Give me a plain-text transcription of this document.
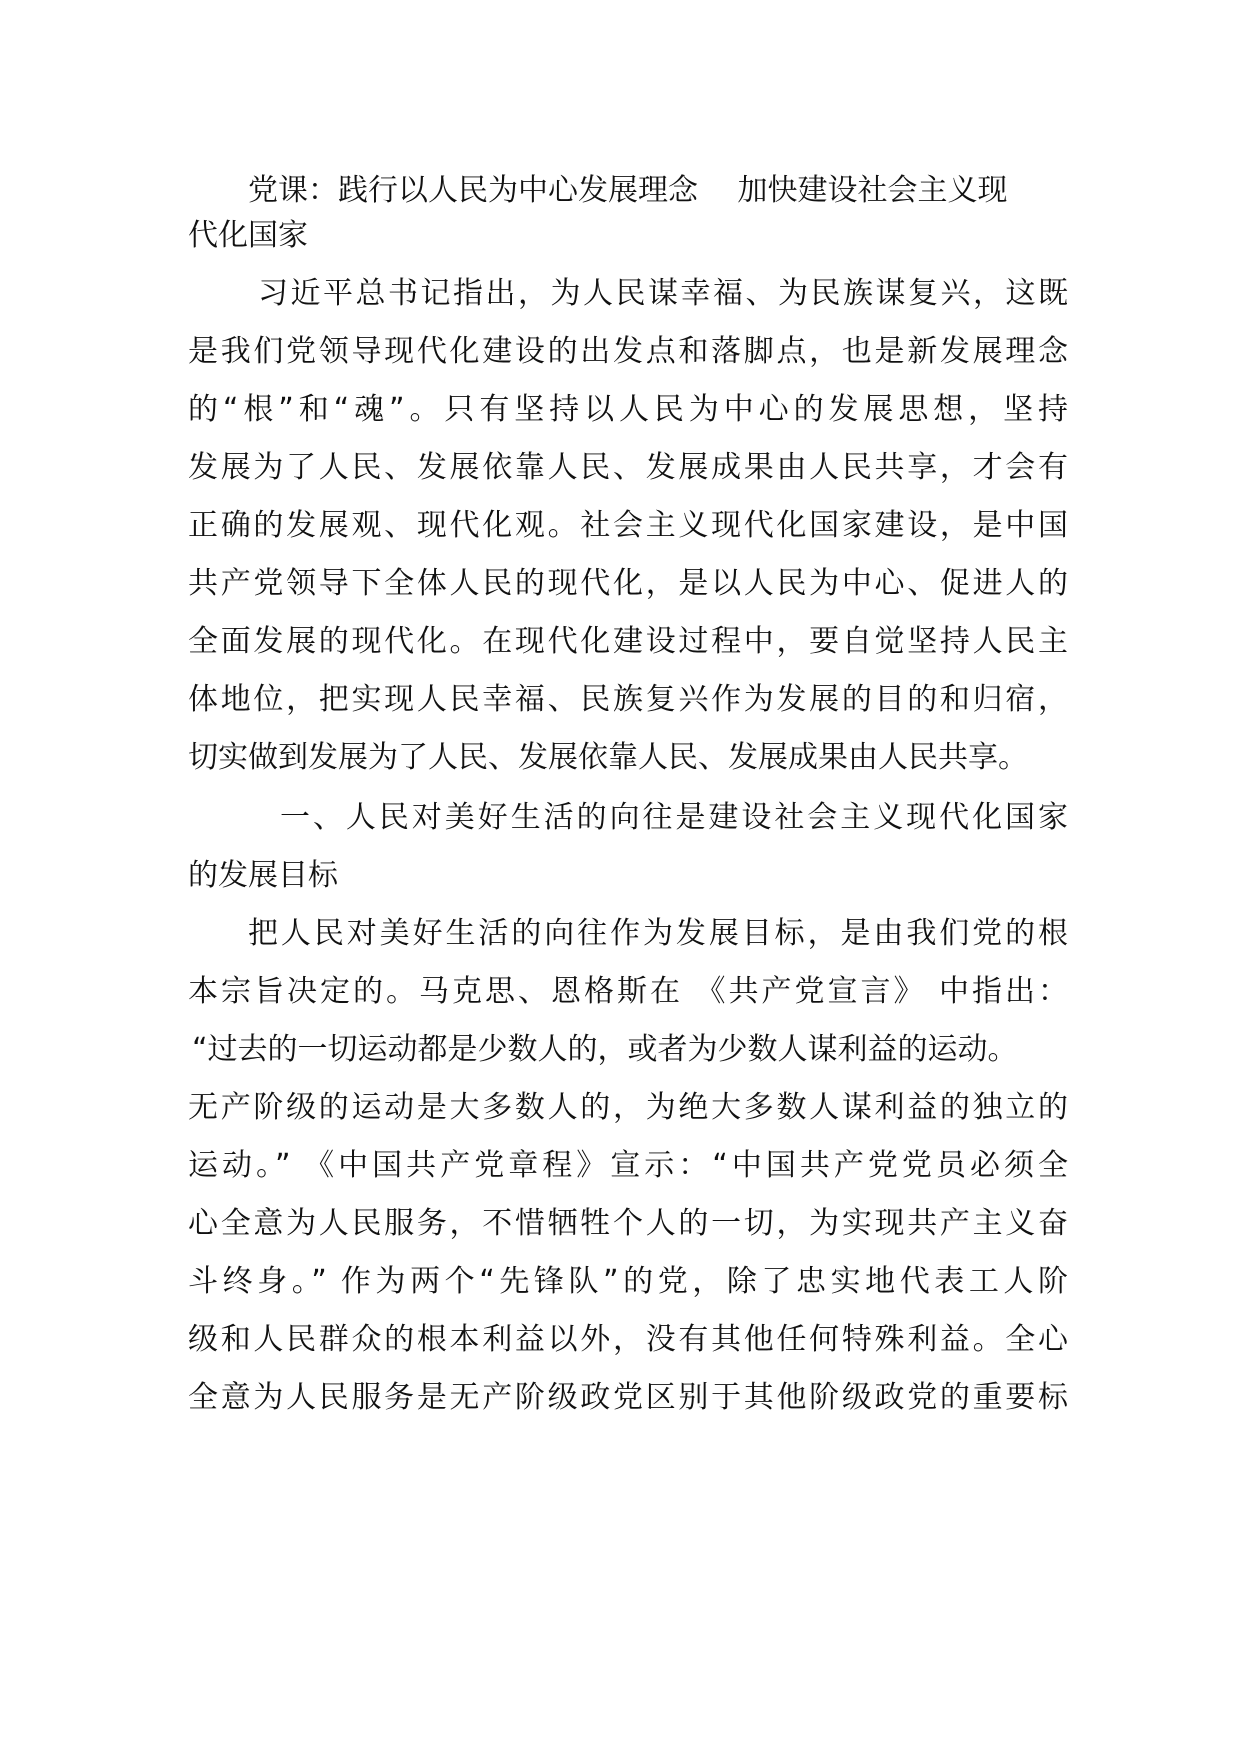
党课：践行以人民为中心发展理念　 加快建设社会主义现
代化国家
习近平总书记指出，为人民谋幸福、为民族谋复兴，这既
是我们党领导现代化建设的出发点和落脚点，也是新发展理念
的“根”和“魂”。只有坚持以人民为中心的发展思想，坚持
发展为了人民、发展依靠人民、发展成果由人民共享，才会有
正确的发展观、现代化观。社会主义现代化国家建设，是中国
共产党领导下全体人民的现代化，是以人民为中心、促进人的
全面发展的现代化。在现代化建设过程中，要自觉坚持人民主
体地位，把实现人民幸福、民族复兴作为发展的目的和归宿，
切实做到发展为了人民、发展依靠人民、发展成果由人民共享。
一、人民对美好生活的向往是建设社会主义现代化国家
的发展目标
把人民对美好生活的向往作为发展目标，是由我们党的根
本宗旨决定的。马克思、恩格斯在 《共产党宣言》 中指出：
“过去的一切运动都是少数人的，或者为少数人谋利益的运动。
无产阶级的运动是大多数人的，为绝大多数人谋利益的独立的
运动。” 《中国共产党章程》宣示：“中国共产党党员必须全
心全意为人民服务，不惜牺牲个人的一切，为实现共产主义奋
斗终身。” 作为两个“先锋队”的党，除了忠实地代表工人阶
级和人民群众的根本利益以外，没有其他任何特殊利益。全心
全意为人民服务是无产阶级政党区别于其他阶级政党的重要标
